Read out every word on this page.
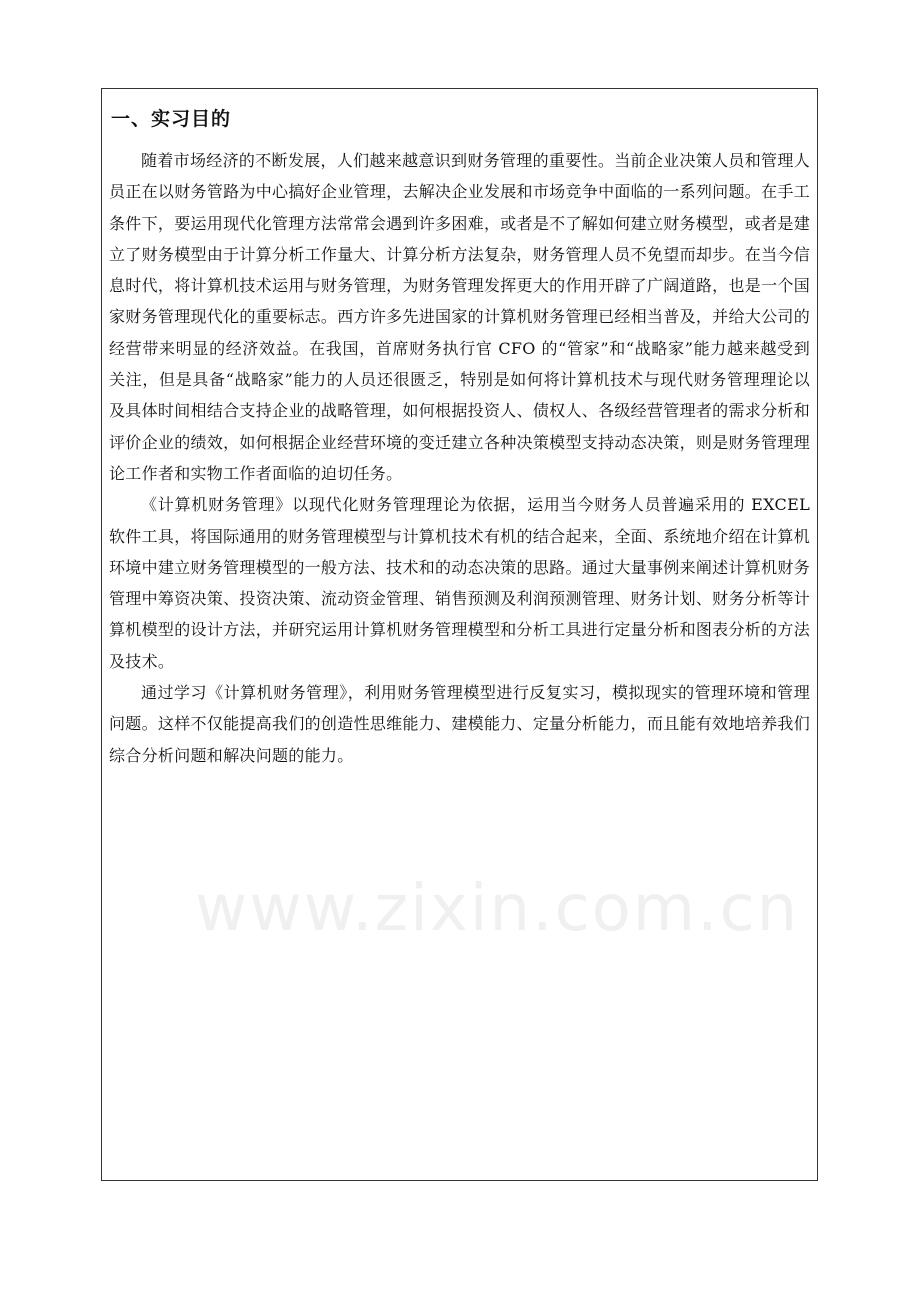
一、实习目的

随着市场经济的不断发展，人们越来越意识到财务管理的重要性。当前企业决策人员和管理人员正在以财务管路为中心搞好企业管理，去解决企业发展和市场竞争中面临的一系列问题。在手工条件下，要运用现代化管理方法常常会遇到许多困难，或者是不了解如何建立财务模型，或者是建立了财务模型由于计算分析工作量大、计算分析方法复杂，财务管理人员不免望而却步。在当今信息时代，将计算机技术运用与财务管理，为财务管理发挥更大的作用开辟了广阔道路，也是一个国家财务管理现代化的重要标志。西方许多先进国家的计算机财务管理已经相当普及，并给大公司的经营带来明显的经济效益。在我国，首席财务执行官 CFO 的“管家”和“战略家”能力越来越受到关注，但是具备“战略家”能力的人员还很匮乏，特别是如何将计算机技术与现代财务管理理论以及具体时间相结合支持企业的战略管理，如何根据投资人、债权人、各级经营管理者的需求分析和评价企业的绩效，如何根据企业经营环境的变迁建立各种决策模型支持动态决策，则是财务管理理论工作者和实物工作者面临的迫切任务。

《计算机财务管理》以现代化财务管理理论为依据，运用当今财务人员普遍采用的 EXCEL 软件工具，将国际通用的财务管理模型与计算机技术有机的结合起来，全面、系统地介绍在计算机环境中建立财务管理模型的一般方法、技术和的动态决策的思路。通过大量事例来阐述计算机财务管理中筹资决策、投资决策、流动资金管理、销售预测及利润预测管理、财务计划、财务分析等计算机模型的设计方法，并研究运用计算机财务管理模型和分析工具进行定量分析和图表分析的方法及技术。

通过学习《计算机财务管理》，利用财务管理模型进行反复实习，模拟现实的管理环境和管理问题。这样不仅能提高我们的创造性思维能力、建模能力、定量分析能力，而且能有效地培养我们综合分析问题和解决问题的能力。

www.zixin.com.cn
